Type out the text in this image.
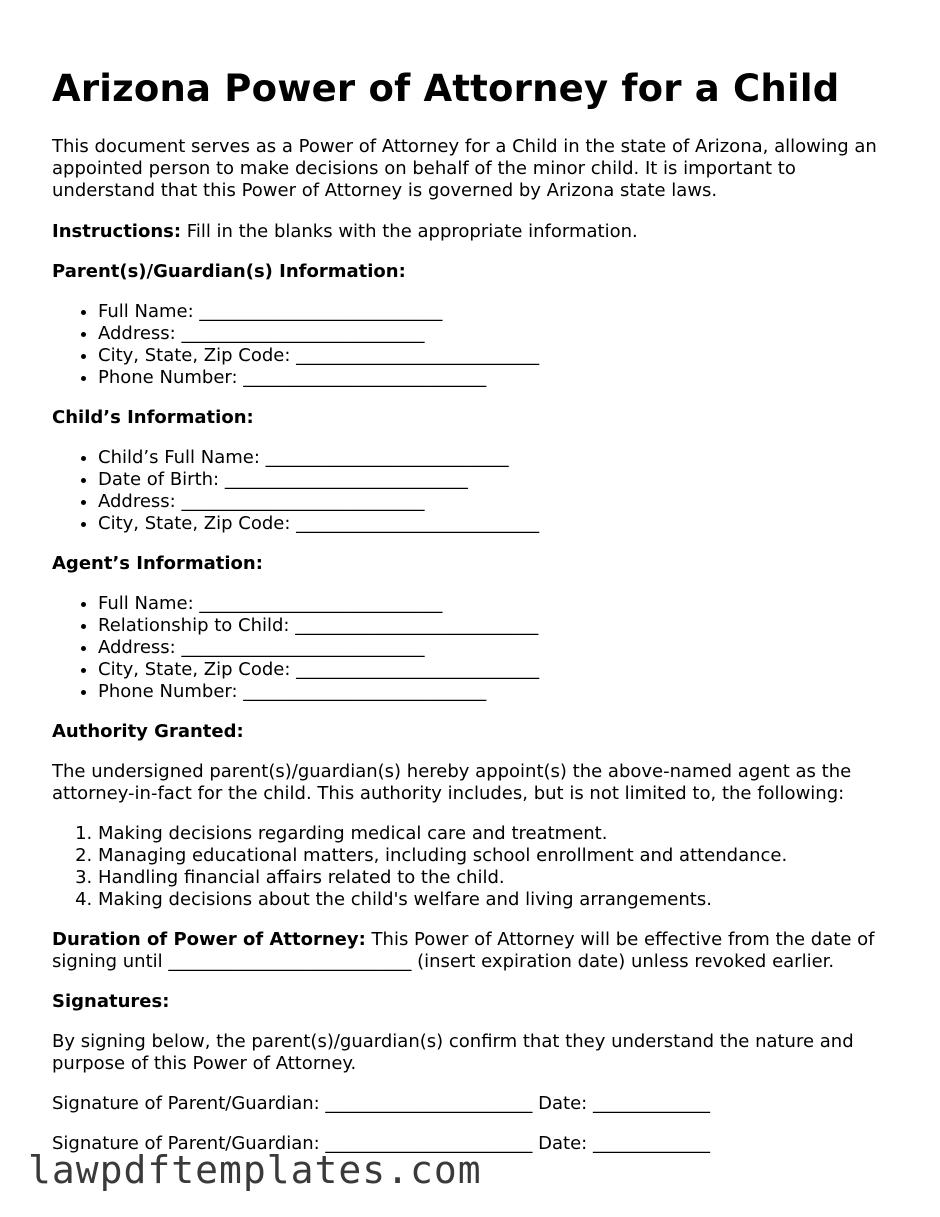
Arizona Power of Attorney for a Child

This document serves as a Power of Attorney for a Child in the state of Arizona, allowing an appointed person to make decisions on behalf of the minor child. It is important to understand that this Power of Attorney is governed by Arizona state laws.

Instructions: Fill in the blanks with the appropriate information.

Parent(s)/Guardian(s) Information:
• Full Name: ___________________________
• Address: ___________________________
• City, State, Zip Code: ___________________________
• Phone Number: ___________________________
Child’s Information:
• Child’s Full Name: ___________________________
• Date of Birth: ___________________________
• Address: ___________________________
• City, State, Zip Code: ___________________________
Agent’s Information:
• Full Name: ___________________________
• Relationship to Child: ___________________________
• Address: ___________________________
• City, State, Zip Code: ___________________________
• Phone Number: ___________________________
Authority Granted:

The undersigned parent(s)/guardian(s) hereby appoint(s) the above-named agent as the attorney-in-fact for the child. This authority includes, but is not limited to, the following:

1. Making decisions regarding medical care and treatment.
2. Managing educational matters, including school enrollment and attendance.
3. Handling financial affairs related to the child.
4. Making decisions about the child's welfare and living arrangements.

Duration of Power of Attorney: This Power of Attorney will be effective from the date of signing until ___________________________ (insert expiration date) unless revoked earlier.

Signatures:

By signing below, the parent(s)/guardian(s) confirm that they understand the nature and purpose of this Power of Attorney.

Signature of Parent/Guardian: _______________________ Date: _____________

Signature of Parent/Guardian: _______________________ Date: _____________

lawpdftemplates.com
